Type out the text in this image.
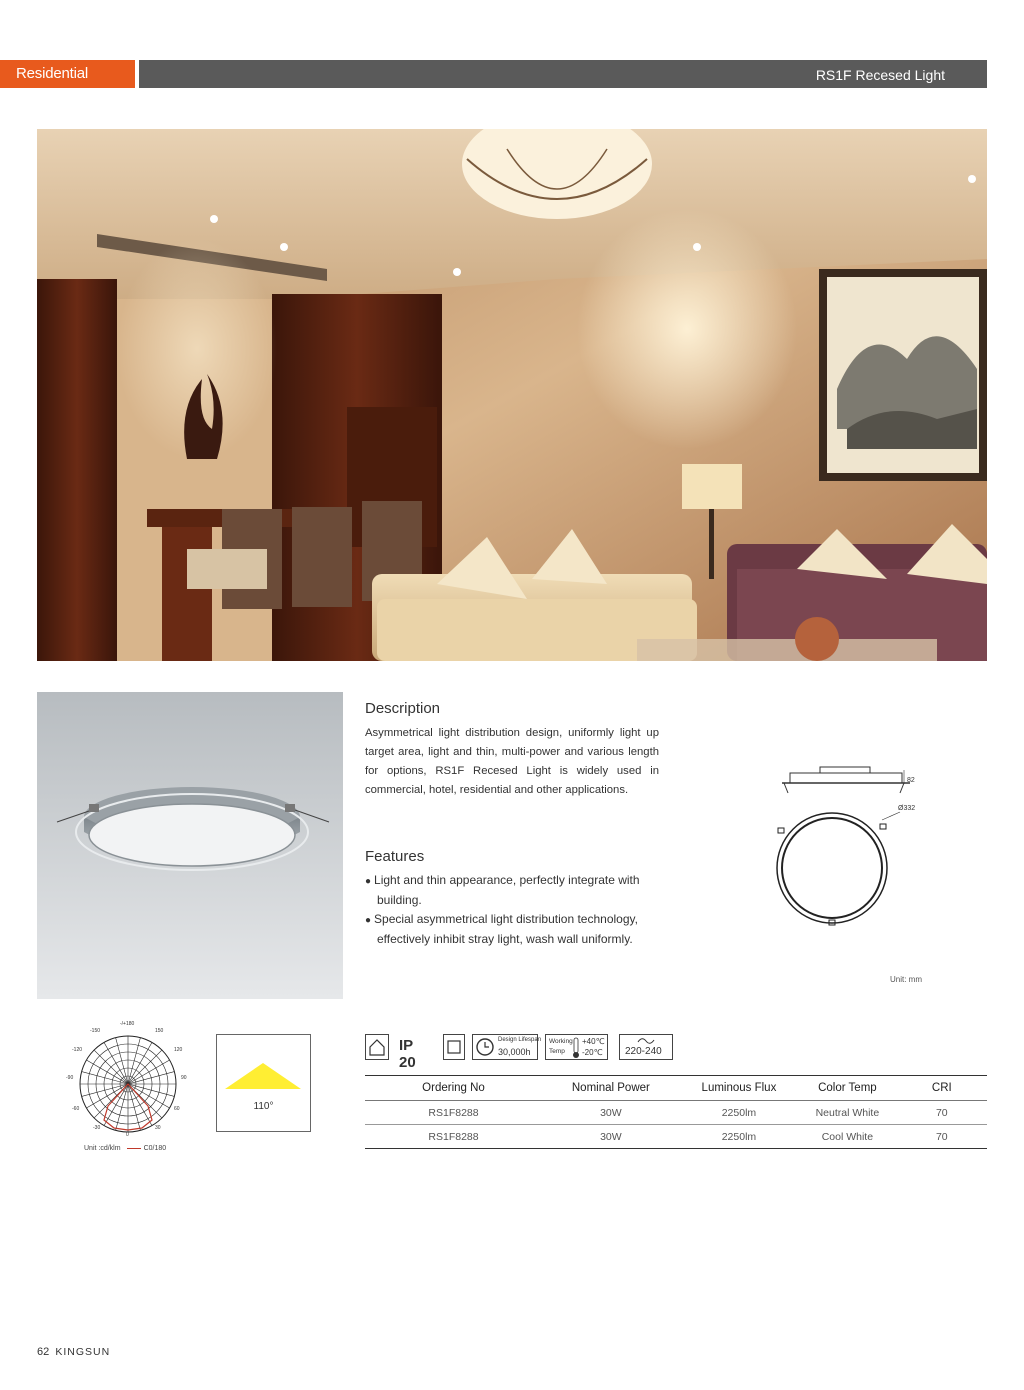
Residential Lighting
RS1F Recesed Light
Description
Asymmetrical light distribution design, uniformly light up target area, light and thin, multi-power and various length for options, RS1F Recesed Light is widely used in commercial, hotel, residential and other applications.
Features
● Light and thin appearance, perfectly integrate with building.
● Special asymmetrical light distribution technology, effectively inhibit stray light, wash wall uniformly.
82
Ø332
Unit: mm
-/+180
-150	150
-120	120
-90	90
-60	60
-30	30
0
Unit :cd/klm	C0/180
110°
IP 20
Design Lifespan
30,000h
Working
Temp
+40℃
-20℃ 220-240
Ordering No	Nominal Power	Luminous Flux	Color Temp	CRI
RS1F8288	30W	2250lm	Neutral White	70
RS1F8288	30W	2250lm	Cool White	70
62 KINGSUN
